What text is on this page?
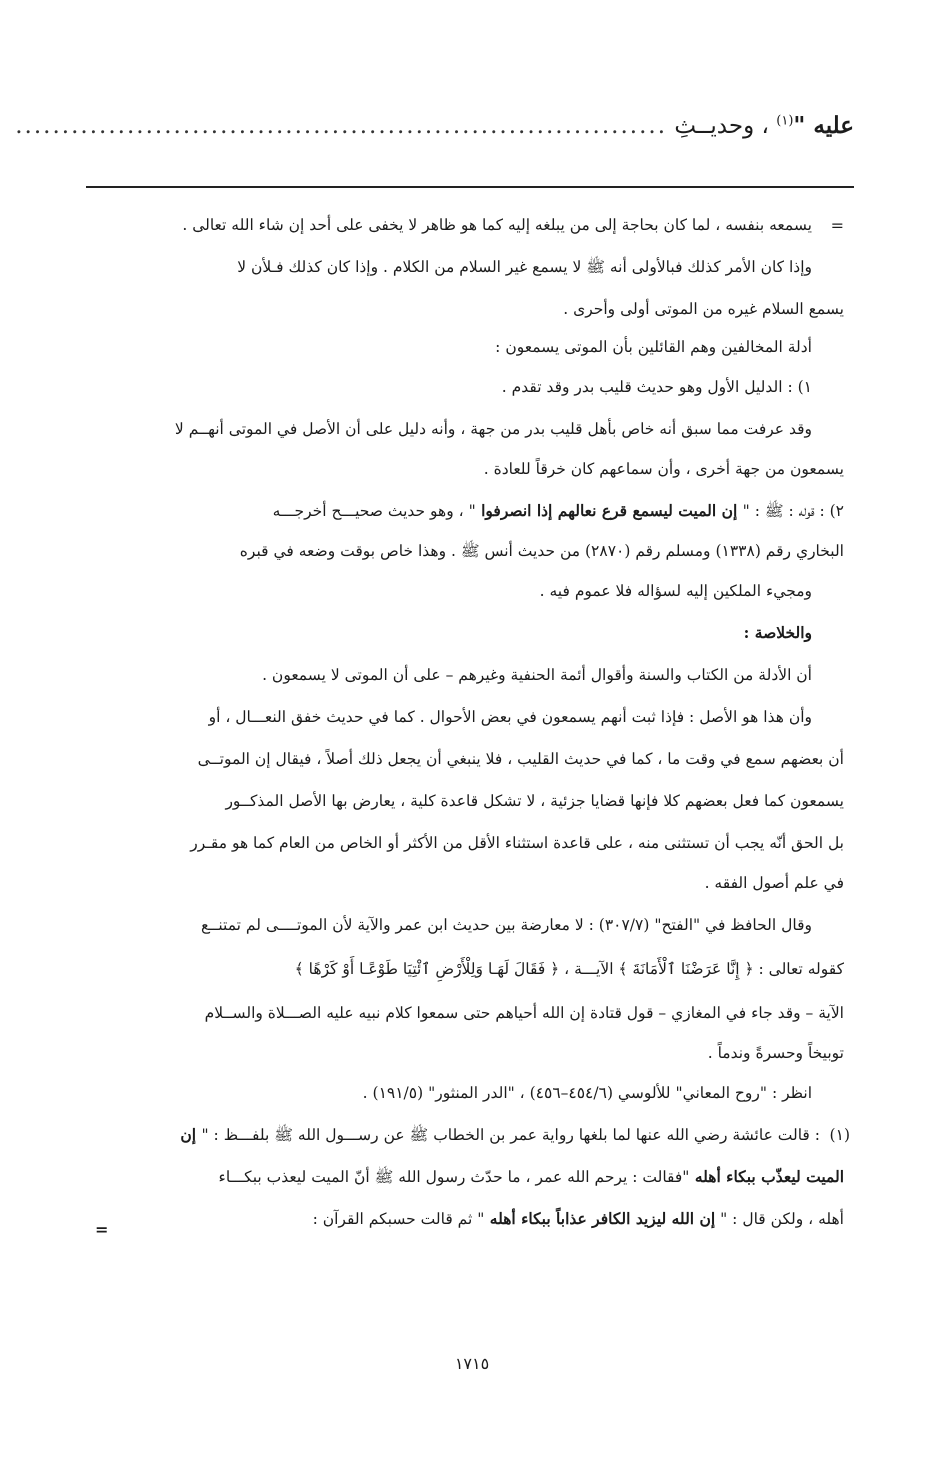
عليه "$^{(١)}$ ، وحديــثِ ......................................................................
=
يسمعه بنفسه ، لما كان بحاجة إلى من يبلغه إليه كما هو ظاهر لا يخفى على أحد إن شاء الله تعالى .
وإذا كان الأمر كذلك فبالأولى أنه ﷺ لا يسمع غير السلام من الكلام . وإذا كان كذلك فـلأن لا
يسمع السلام غيره من الموتى أولى وأحرى .
أدلة المخالفين وهم القائلين بأن الموتى يسمعون :
١) : الدليل الأول وهو حديث قليب بدر وقد تقدم .
وقد عرفت مما سبق أنه خاص بأهل قليب بدر من جهة ، وأنه دليل على أن الأصل في الموتى أنهــم لا
يسمعون من جهة أخرى ، وأن سماعهم كان خرقاً للعادة .
٢) : قوله : ﷺ : " إن الميت ليسمع قرع نعالهم إذا انصرفوا " ، وهو حديث صحيـــح أخرجـــه
البخاري رقم (١٣٣٨) ومسلم رقم (٢٨٧٠) من حديث أنس ﷺ . وهذا خاص بوقت وضعه في قبره
ومجيء الملكين إليه لسؤاله فلا عموم فيه .
والخلاصة :
أن الأدلة من الكتاب والسنة وأقوال أئمة الحنفية وغيرهم – على أن الموتى لا يسمعون .
وأن هذا هو الأصل : فإذا ثبت أنهم يسمعون في بعض الأحوال . كما في حديث خفق النعـــال ، أو
أن بعضهم سمع في وقت ما ، كما في حديث القليب ، فلا ينبغي أن يجعل ذلك أصلاً ، فيقال إن الموتــى
يسمعون كما فعل بعضهم كلا فإنها قضايا جزئية ، لا تشكل قاعدة كلية ، يعارض بها الأصل المذكــور
بل الحق أنّه يجب أن تستثنى منه ، على قاعدة استثناء الأقل من الأكثر أو الخاص من العام كما هو مقـرر
في علم أصول الفقه .
وقال الحافظ في "الفتح" (٣٠٧/٧) : لا معارضة بين حديث ابن عمر والآية لأن الموتــــى لم تمتنــع
كقوله تعالى : ﴿ إِنَّا عَرَضْنَا ٱلْأَمَانَةَ ﴾ الآيـــة ، ﴿ فَقَالَ لَهَـا وَلِلْأَرْضِ ٱئْتِيَا طَوْعًـا أَوْ كَرْهًا ﴾
الآية – وقد جاء في المغازي – قول قتادة إن الله أحياهم حتى سمعوا كلام نبيه عليه الصـــلاة والســلام
توبيخاً وحسرةً وندماً .
انظر : "روح المعاني" للألوسي (٤٥٤/٦–٤٥٦) ، "الدر المنثور" (١٩١/٥) .
(١)
: قالت عائشة رضي الله عنها لما بلغها رواية عمر بن الخطاب ﷺ عن رســـول الله ﷺ بلفـــظ : " إن
الميت ليعذّب ببكاء أهله "فقالت : يرحم الله عمر ، ما حدّث رسول الله ﷺ أنّ الميت ليعذب ببكـــاء
أهله ، ولكن قال : " إن الله ليزيد الكافر عذاباً ببكاء أهله " ثم قالت حسبكم القرآن :
=
١٧١٥
